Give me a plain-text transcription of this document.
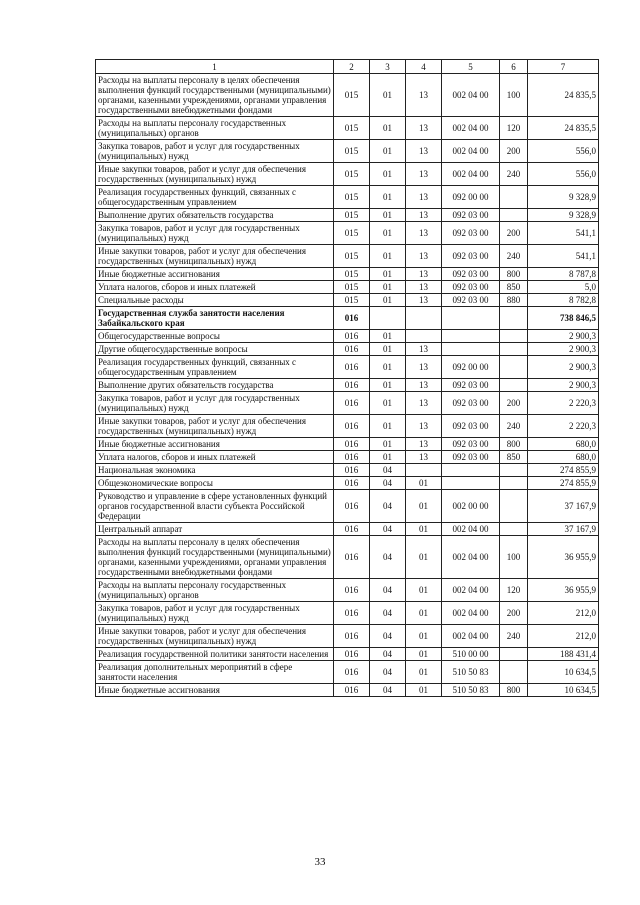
1	2	3	4	5	6	7
Расходы на выплаты персоналу в целях обеспечения выполнения функций государственными (муниципальными) органами, казенными учреждениями, органами управления государственными внебюджетными фондами	015	01	13	002 04 00	100	24 835,5
Расходы на выплаты персоналу государственных (муниципальных) органов	015	01	13	002 04 00	120	24 835,5
Закупка товаров, работ и услуг для государственных (муниципальных) нужд	015	01	13	002 04 00	200	556,0
Иные закупки товаров, работ и услуг для обеспечения государственных (муниципальных) нужд	015	01	13	002 04 00	240	556,0
Реализация государственных функций, связанных с общегосударственным управлением	015	01	13	092 00 00		9 328,9
Выполнение других обязательств государства	015	01	13	092 03 00		9 328,9
Закупка товаров, работ и услуг для государственных (муниципальных) нужд	015	01	13	092 03 00	200	541,1
Иные закупки товаров, работ и услуг для обеспечения государственных (муниципальных) нужд	015	01	13	092 03 00	240	541,1
Иные бюджетные ассигнования	015	01	13	092 03 00	800	8 787,8
Уплата налогов, сборов и иных платежей	015	01	13	092 03 00	850	5,0
Специальные расходы	015	01	13	092 03 00	880	8 782,8
Государственная служба занятости населения Забайкальского края	016					738 846,5
Общегосударственные вопросы	016	01				2 900,3
Другие общегосударственные вопросы	016	01	13			2 900,3
Реализация государственных функций, связанных с общегосударственным управлением	016	01	13	092 00 00		2 900,3
Выполнение других обязательств государства	016	01	13	092 03 00		2 900,3
Закупка товаров, работ и услуг для государственных (муниципальных) нужд	016	01	13	092 03 00	200	2 220,3
Иные закупки товаров, работ и услуг для обеспечения государственных (муниципальных) нужд	016	01	13	092 03 00	240	2 220,3
Иные бюджетные ассигнования	016	01	13	092 03 00	800	680,0
Уплата налогов, сборов и иных платежей	016	01	13	092 03 00	850	680,0
Национальная экономика	016	04				274 855,9
Общеэкономические вопросы	016	04	01			274 855,9
Руководство и управление в сфере установленных функций органов государственной власти субъекта Российской Федерации	016	04	01	002 00 00		37 167,9
Центральный аппарат	016	04	01	002 04 00		37 167,9
Расходы на выплаты персоналу в целях обеспечения выполнения функций государственными (муниципальными) органами, казенными учреждениями, органами управления государственными внебюджетными фондами	016	04	01	002 04 00	100	36 955,9
Расходы на выплаты персоналу государственных (муниципальных) органов	016	04	01	002 04 00	120	36 955,9
Закупка товаров, работ и услуг для государственных (муниципальных) нужд	016	04	01	002 04 00	200	212,0
Иные закупки товаров, работ и услуг для обеспечения государственных (муниципальных) нужд	016	04	01	002 04 00	240	212,0
Реализация государственной политики занятости населения	016	04	01	510 00 00		188 431,4
Реализация дополнительных мероприятий в сфере занятости населения	016	04	01	510 50 83		10 634,5
Иные бюджетные ассигнования	016	04	01	510 50 83	800	10 634,5
33
